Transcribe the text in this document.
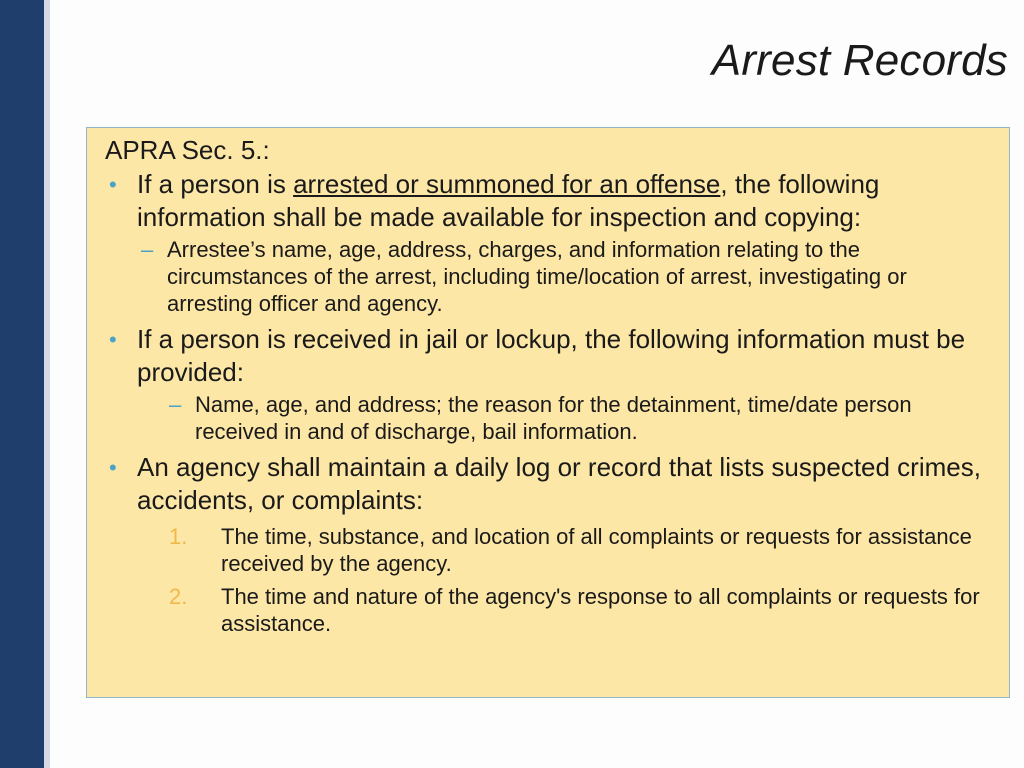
Arrest Records
APRA Sec. 5.:
• If a person is arrested or summoned for an offense, the following information shall be made available for inspection and copying:
– Arrestee’s name, age, address, charges, and information relating to the circumstances of the arrest, including time/location of arrest, investigating or arresting officer and agency.
• If a person is received in jail or lockup, the following information must be provided:
– Name, age, and address; the reason for the detainment, time/date person received in and of discharge, bail information.
• An agency shall maintain a daily log or record that lists suspected crimes, accidents, or complaints:
1. The time, substance, and location of all complaints or requests for assistance received by the agency.
2. The time and nature of the agency's response to all complaints or requests for assistance.
